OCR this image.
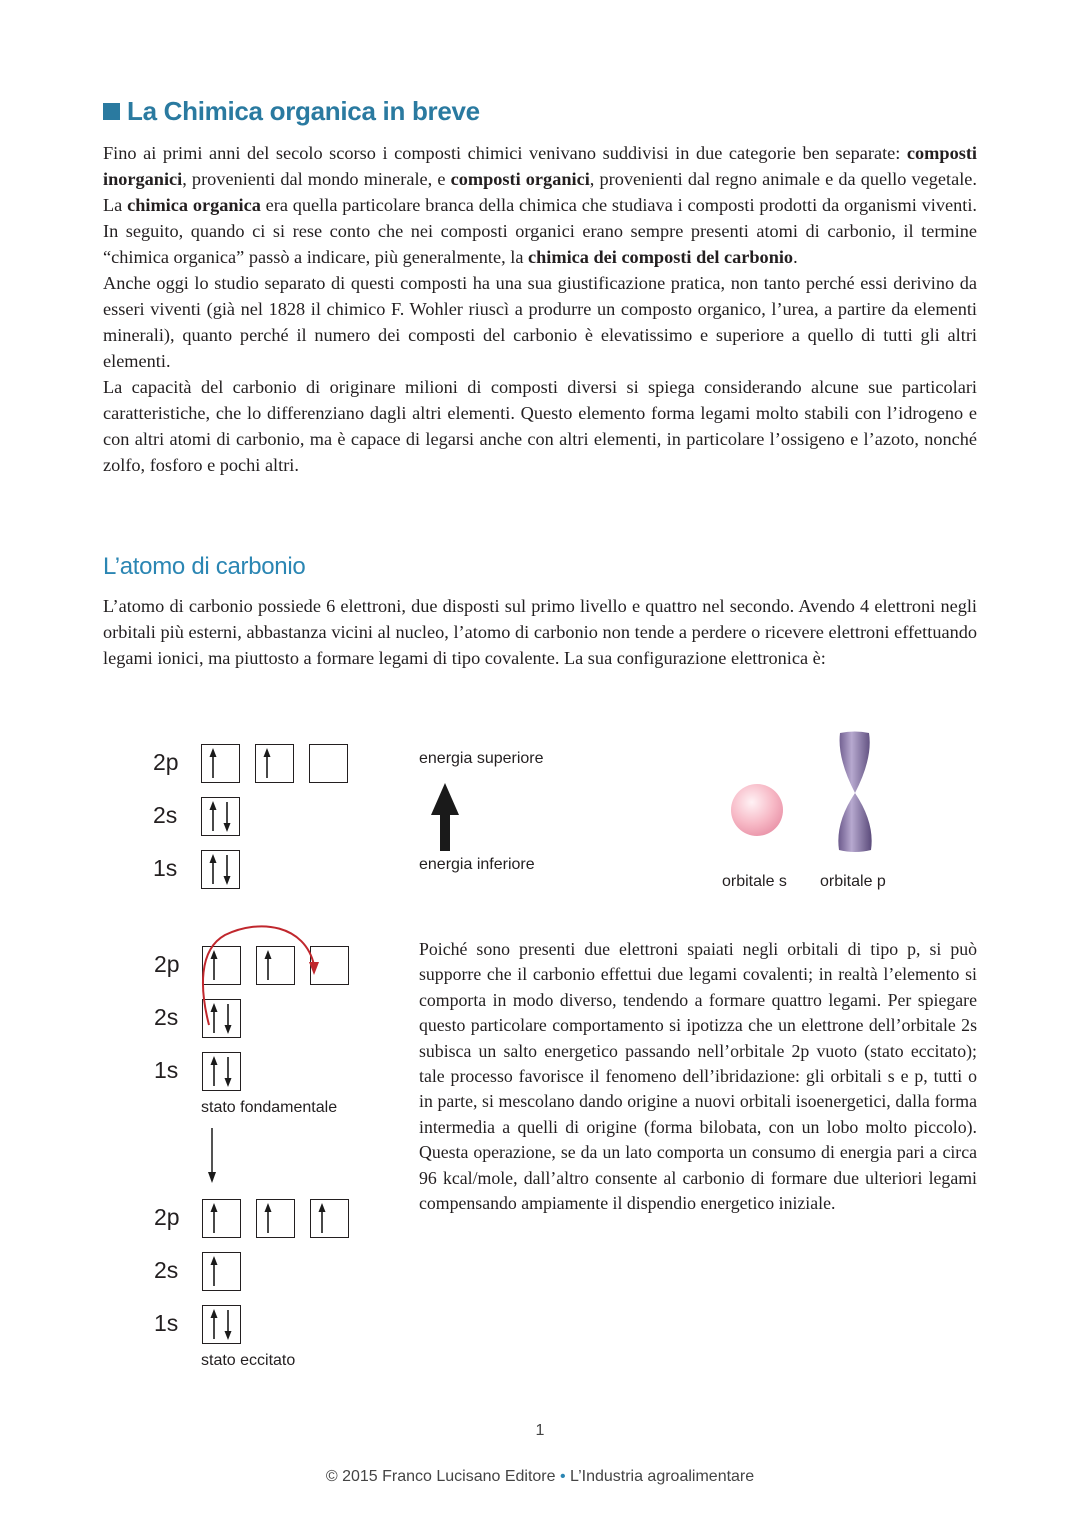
La Chimica organica in breve

Fino ai primi anni del secolo scorso i composti chimici venivano suddivisi in due categorie ben separate: composti inorganici, provenienti dal mondo minerale, e composti organici, provenienti dal regno animale e da quello vegetale. La chimica organica era quella particolare branca della chimica che studiava i composti prodotti da organismi viventi. In seguito, quando ci si rese conto che nei composti organici erano sempre presenti atomi di carbonio, il termine “chimica organica” passò a indicare, più generalmente, la chimica dei composti del carbonio.

Anche oggi lo studio separato di questi composti ha una sua giustificazione pratica, non tanto perché essi derivino da esseri viventi (già nel 1828 il chimico F. Wohler riuscì a produrre un composto organico, l’urea, a partire da elementi minerali), quanto perché il numero dei composti del carbonio è elevatissimo e superiore a quello di tutti gli altri elementi.

La capacità del carbonio di originare milioni di composti diversi si spiega considerando alcune sue particolari caratteristiche, che lo differenziano dagli altri elementi. Questo elemento forma legami molto stabili con l’idrogeno e con altri atomi di carbonio, ma è capace di legarsi anche con altri elementi, in particolare l’ossigeno e l’azoto, nonché zolfo, fosforo e pochi altri.

L’atomo di carbonio

L’atomo di carbonio possiede 6 elettroni, due disposti sul primo livello e quattro nel secondo. Avendo 4 elettroni negli orbitali più esterni, abbastanza vicini al nucleo, l’atomo di carbonio non tende a perdere o ricevere elettroni effettuando legami ionici, ma piuttosto a formare legami di tipo covalente. La sua configurazione elettronica è:

2p
2s
1s
2p
2s
1s
2p
2s
1s
stato fondamentale
stato eccitato
energia superiore
energia inferiore
orbitale s orbitale p

Poiché sono presenti due elettroni spaiati negli orbitali di tipo p, si può supporre che il carbonio effettui due legami covalenti; in realtà l’elemento si comporta in modo diverso, tendendo a formare quattro legami. Per spiegare questo particolare comportamento si ipotizza che un elettrone dell’orbitale 2s subisca un salto energetico passando nell’orbitale 2p vuoto (stato eccitato); tale processo favorisce il fenomeno dell’ibridazione: gli orbitali s e p, tutti o in parte, si mescolano dando origine a nuovi orbitali isoenergetici, dalla forma intermedia a quelli di origine (forma bilobata, con un lobo molto piccolo). Questa operazione, se da un lato comporta un consumo di energia pari a circa 96 kcal/mole, dall’altro consente al carbonio di formare due ulteriori legami compensando ampiamente il dispendio energetico iniziale.

1
© 2015 Franco Lucisano Editore • L’Industria agroalimentare
